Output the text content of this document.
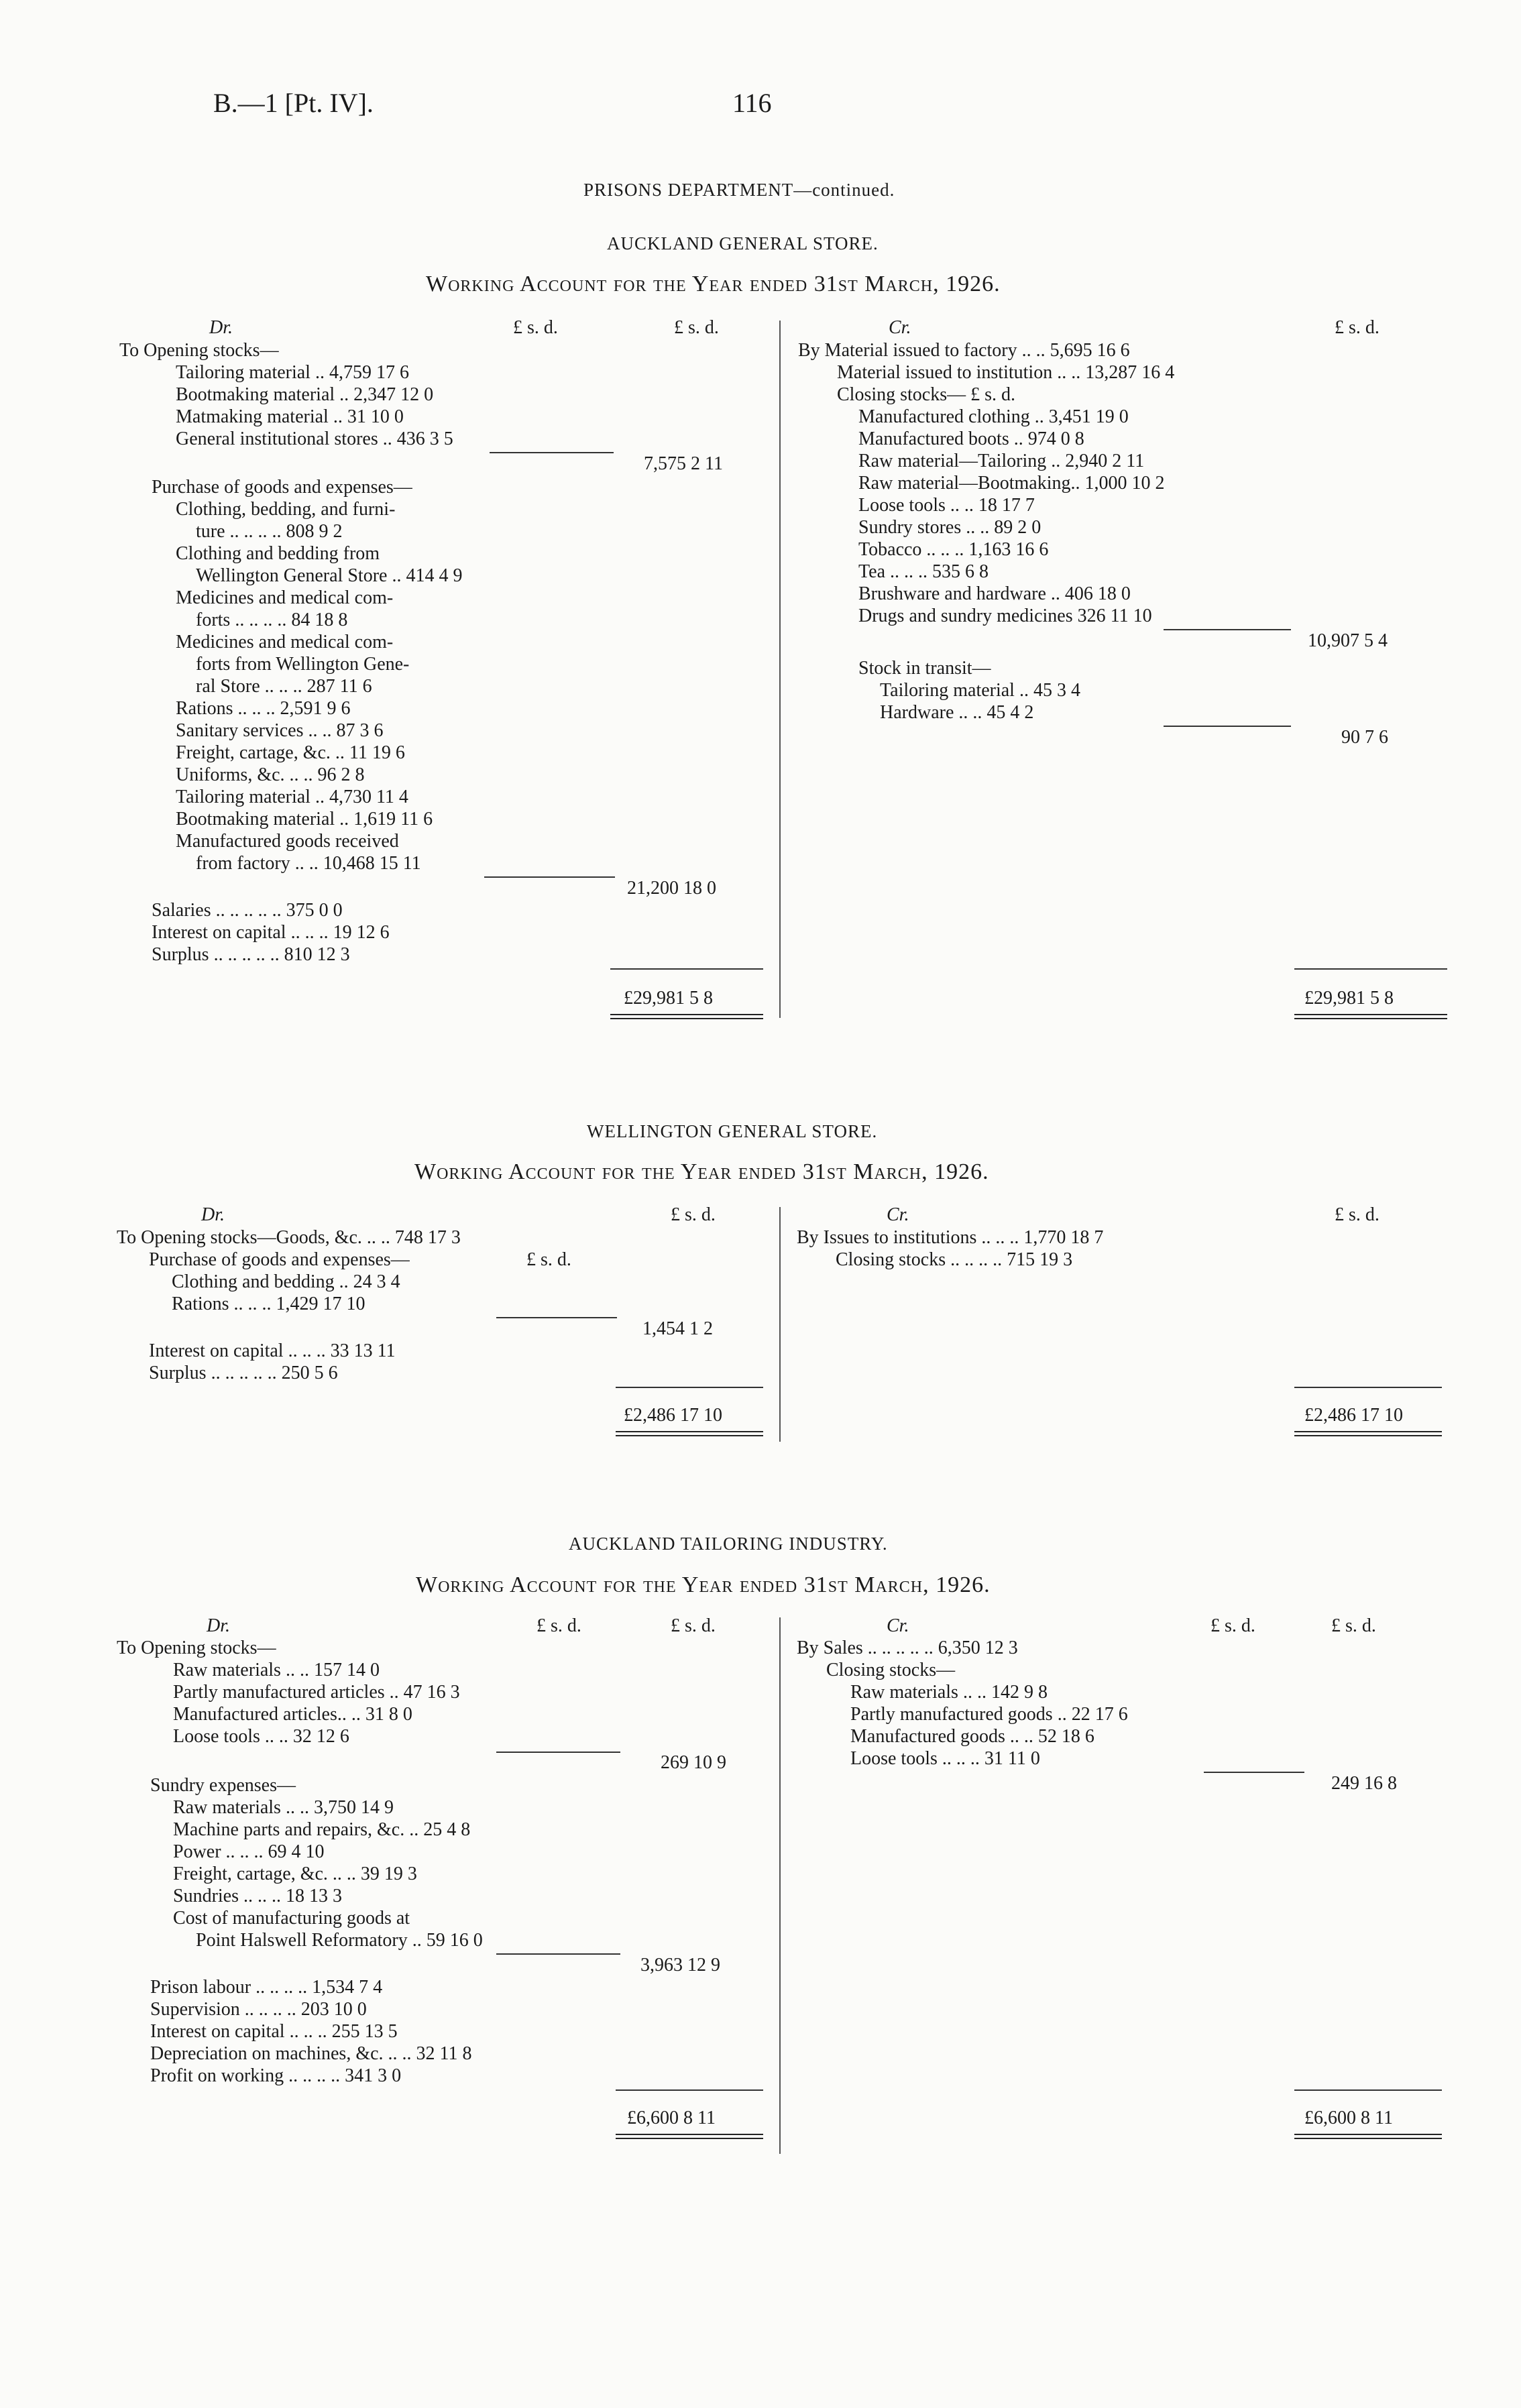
B.—1 [Pt. IV].	116
PRISONS DEPARTMENT—continued.
AUCKLAND GENERAL STORE.
Working Account for the Year ended 31st March, 1926.
Dr.	£ s. d.	£ s. d.	Cr.	£ s. d.
To Opening stocks—
Tailoring material .. 4,759 17 6
Bootmaking material .. 2,347 12 0
Matmaking material .. 31 10 0
General institutional stores .. 436 3 5
7,575 2 11
Purchase of goods and expenses—
Clothing, bedding, and furni-
ture .. .. .. .. 808 9 2
Clothing and bedding from
Wellington General Store .. 414 4 9
Medicines and medical com-
forts .. .. .. .. 84 18 8
Medicines and medical com-
forts from Wellington Gene-
ral Store .. .. .. 287 11 6
Rations .. .. .. 2,591 9 6
Sanitary services .. .. 87 3 6
Freight, cartage, &c. .. 11 19 6
Uniforms, &c. .. .. 96 2 8
Tailoring material .. 4,730 11 4
Bootmaking material .. 1,619 11 6
Manufactured goods received
from factory .. .. 10,468 15 11
21,200 18 0
Salaries .. .. .. .. .. 375 0 0
Interest on capital .. .. .. 19 12 6
Surplus .. .. .. .. .. 810 12 3
£29,981 5 8
By Material issued to factory .. .. 5,695 16 6
Material issued to institution .. .. 13,287 16 4
Closing stocks— £ s. d.
Manufactured clothing .. 3,451 19 0
Manufactured boots .. 974 0 8
Raw material—Tailoring .. 2,940 2 11
Raw material—Bootmaking.. 1,000 10 2
Loose tools .. .. 18 17 7
Sundry stores .. .. 89 2 0
Tobacco .. .. .. 1,163 16 6
Tea .. .. .. 535 6 8
Brushware and hardware .. 406 18 0
Drugs and sundry medicines 326 11 10
10,907 5 4
Stock in transit—
Tailoring material .. 45 3 4
Hardware .. .. 45 4 2
90 7 6
£29,981 5 8
WELLINGTON GENERAL STORE.
Working Account for the Year ended 31st March, 1926.
Dr.	£ s. d.	Cr.	£ s. d.
To Opening stocks—Goods, &c. .. .. 748 17 3
Purchase of goods and expenses—	£ s. d.
Clothing and bedding .. 24 3 4
Rations .. .. .. 1,429 17 10
1,454 1 2
Interest on capital .. .. .. 33 13 11
Surplus .. .. .. .. .. 250 5 6
£2,486 17 10
By Issues to institutions .. .. .. 1,770 18 7
Closing stocks .. .. .. .. 715 19 3
£2,486 17 10
AUCKLAND TAILORING INDUSTRY.
Working Account for the Year ended 31st March, 1926.
Dr.	£ s. d.	£ s. d.	Cr.	£ s. d.	£ s. d.
To Opening stocks—
Raw materials .. .. 157 14 0
Partly manufactured articles .. 47 16 3
Manufactured articles.. .. 31 8 0
Loose tools .. .. 32 12 6
269 10 9
Sundry expenses—
Raw materials .. .. 3,750 14 9
Machine parts and repairs, &c. .. 25 4 8
Power .. .. .. 69 4 10
Freight, cartage, &c. .. .. 39 19 3
Sundries .. .. .. 18 13 3
Cost of manufacturing goods at
Point Halswell Reformatory .. 59 16 0
3,963 12 9
Prison labour .. .. .. .. 1,534 7 4
Supervision .. .. .. .. 203 10 0
Interest on capital .. .. .. 255 13 5
Depreciation on machines, &c. .. .. 32 11 8
Profit on working .. .. .. .. 341 3 0
£6,600 8 11
By Sales .. .. .. .. .. 6,350 12 3
Closing stocks—
Raw materials .. .. 142 9 8
Partly manufactured goods .. 22 17 6
Manufactured goods .. .. 52 18 6
Loose tools .. .. .. 31 11 0
249 16 8
£6,600 8 11
